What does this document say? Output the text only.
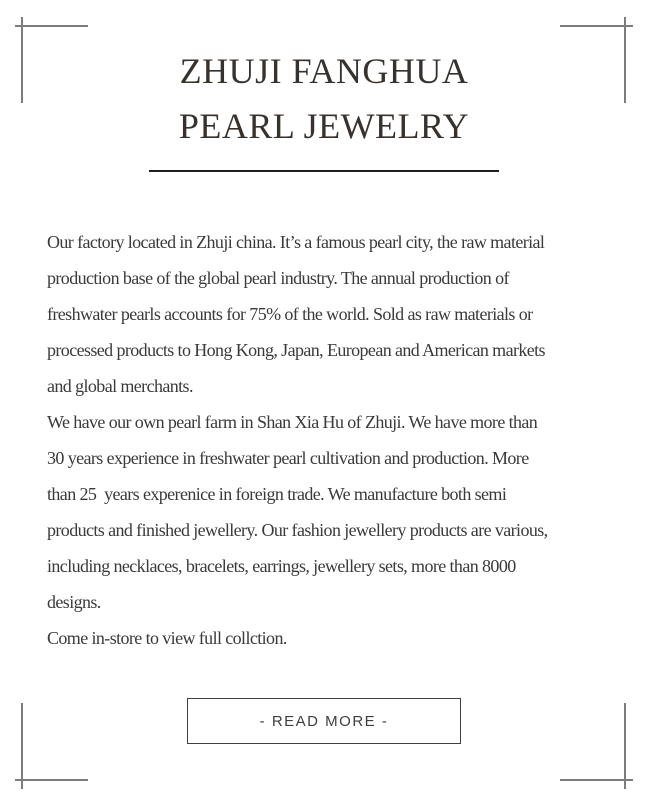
ZHUJI FANGHUA
PEARL JEWELRY

Our factory located in Zhuji china. It’s a famous pearl city, the raw material
production base of the global pearl industry. The annual production of
freshwater pearls accounts for 75% of the world. Sold as raw materials or
processed products to Hong Kong, Japan, European and American markets
and global merchants.

We have our own pearl farm in Shan Xia Hu of Zhuji. We have more than
30 years experience in freshwater pearl cultivation and production. More
than 25  years experenice in foreign trade. We manufacture both semi
products and finished jewellery. Our fashion jewellery products are various,
including necklaces, bracelets, earrings, jewellery sets, more than 8000
designs.

Come in-store to view full collction.

- READ MORE -
